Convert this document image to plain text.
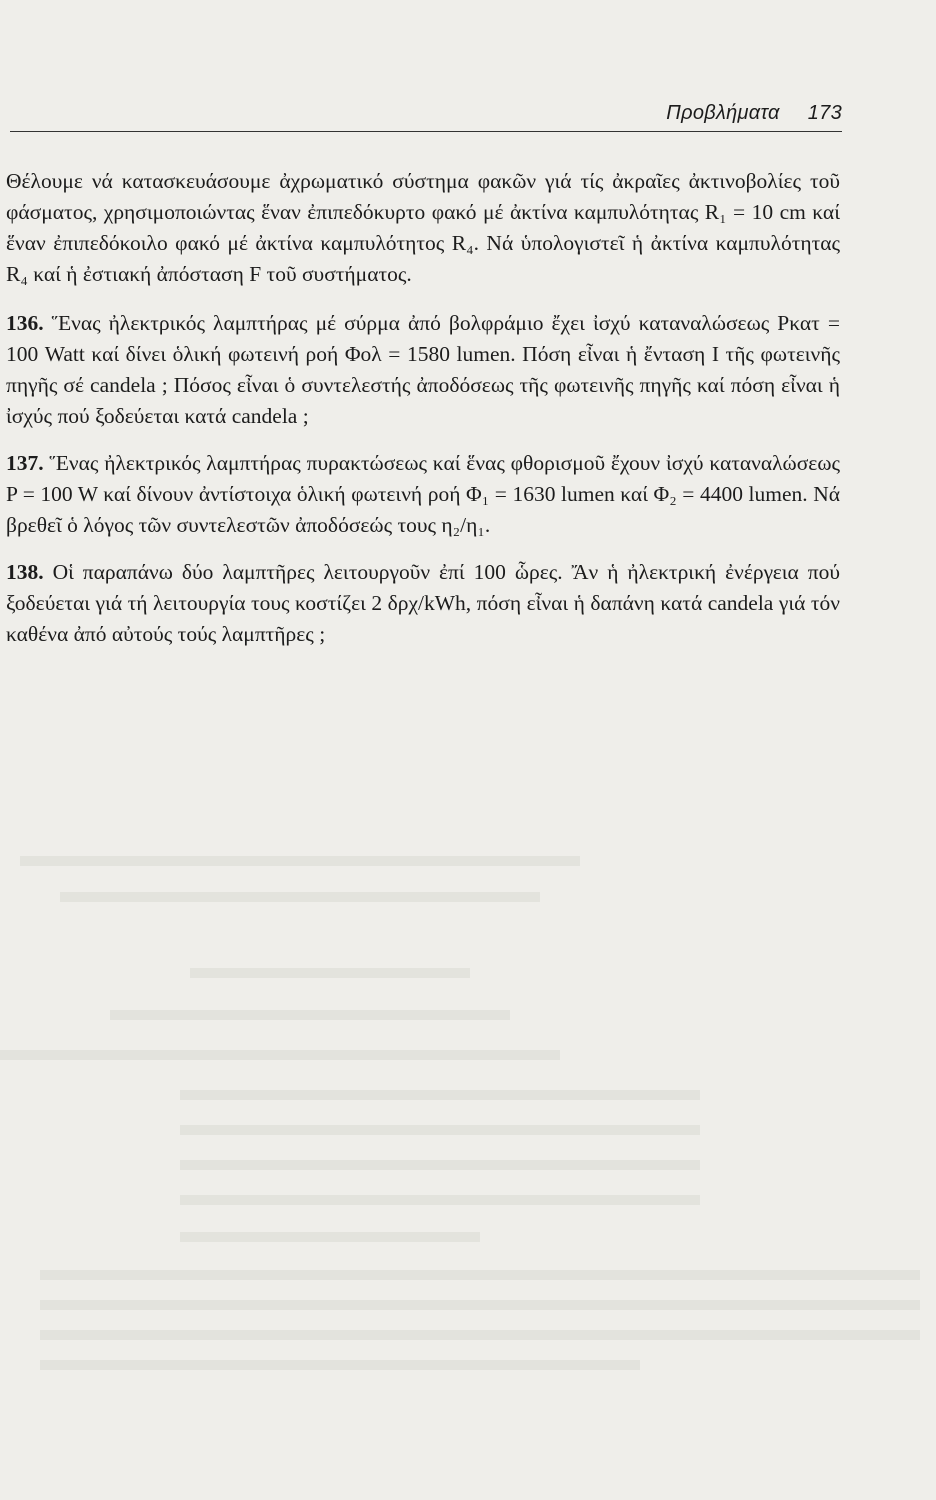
Προβλήματα 173

Θέλουμε νά κατασκευάσουμε ἀχρωματικό σύστημα φακῶν γιά τίς ἀκραῖες ἀκτινοβολίες τοῦ φάσματος, χρησιμοποιώντας ἕναν ἐπιπεδόκυρτο φακό μέ ἀκτίνα καμπυλότητας R₁ = 10 cm καί ἕναν ἐπιπεδόκοιλο φακό μέ ἀκτίνα καμπυλότητος R₄. Νά ὑπολογιστεῖ ἡ ἀκτίνα καμπυλότητας R₄ καί ἡ ἐστιακή ἀπόσταση F τοῦ συστήματος.

136. Ἕνας ἠλεκτρικός λαμπτήρας μέ σύρμα ἀπό βολφράμιο ἔχει ἰσχύ καταναλώσεως Pκατ = 100 Watt καί δίνει ὁλική φωτεινή ροή Φολ = 1580 lumen. Πόση εἶναι ἡ ἔνταση I τῆς φωτεινῆς πηγῆς σέ candela ; Πόσος εἶναι ὁ συντελεστής ἀποδόσεως τῆς φωτεινῆς πηγῆς καί πόση εἶναι ἡ ἰσχύς πού ξοδεύεται κατά candela ;

137. Ἕνας ἠλεκτρικός λαμπτήρας πυρακτώσεως καί ἕνας φθορισμοῦ ἔχουν ἰσχύ καταναλώσεως P = 100 W καί δίνουν ἀντίστοιχα ὁλική φωτεινή ροή Φ₁ = 1630 lumen καί Φ₂ = 4400 lumen. Νά βρεθεῖ ὁ λόγος τῶν συντελεστῶν ἀποδόσεώς τους η₂/η₁.

138. Οἱ παραπάνω δύο λαμπτῆρες λειτουργοῦν ἐπί 100 ὧρες. Ἄν ἡ ἠλεκτρική ἐνέργεια πού ξοδεύεται γιά τή λειτουργία τους κοστίζει 2 δρχ/kWh, πόση εἶναι ἡ δαπάνη κατά candela γιά τόν καθένα ἀπό αὐτούς τούς λαμπτῆρες ;
